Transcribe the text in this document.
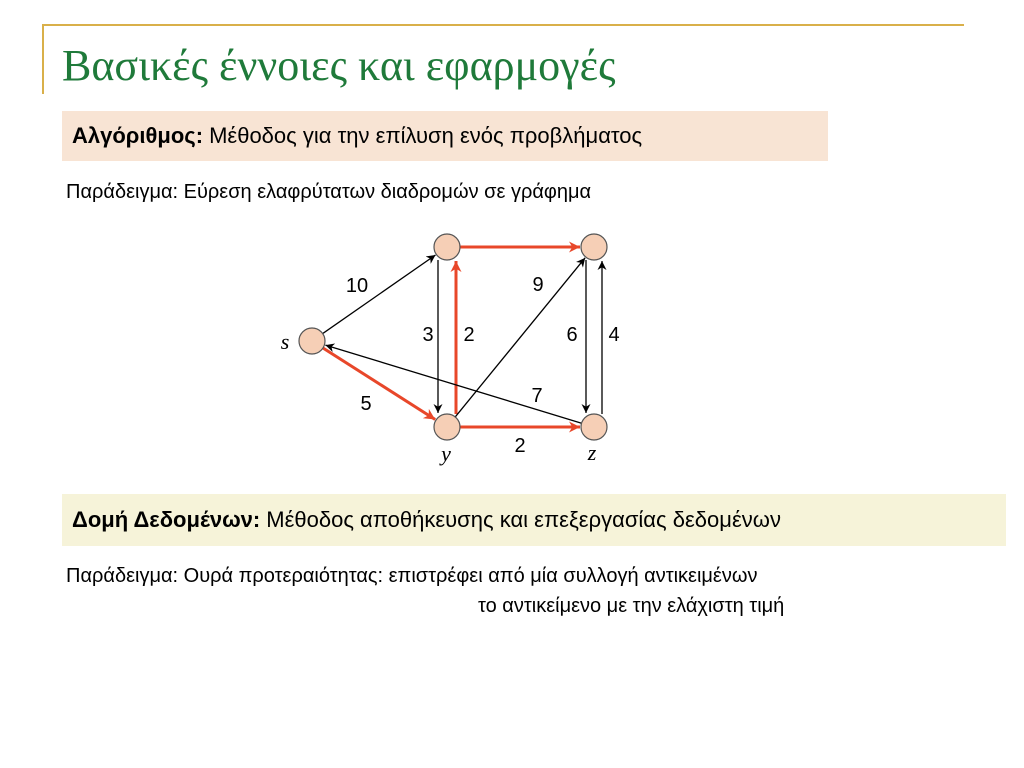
Βασικές έννοιες και εφαρμογές
Αλγόριθμος: Μέθοδος για την επίλυση ενός προβλήματος
Παράδειγμα: Εύρεση ελαφρύτατων διαδρομών σε γράφημα
10
5
3 2
9
6 4
7
2
s
y	z
Δομή Δεδομένων: Μέθοδος αποθήκευσης και επεξεργασίας δεδομένων
Παράδειγμα: Ουρά προτεραιότητας: επιστρέφει από μία συλλογή αντικειμένων
το αντικείμενο με την ελάχιστη τιμή
